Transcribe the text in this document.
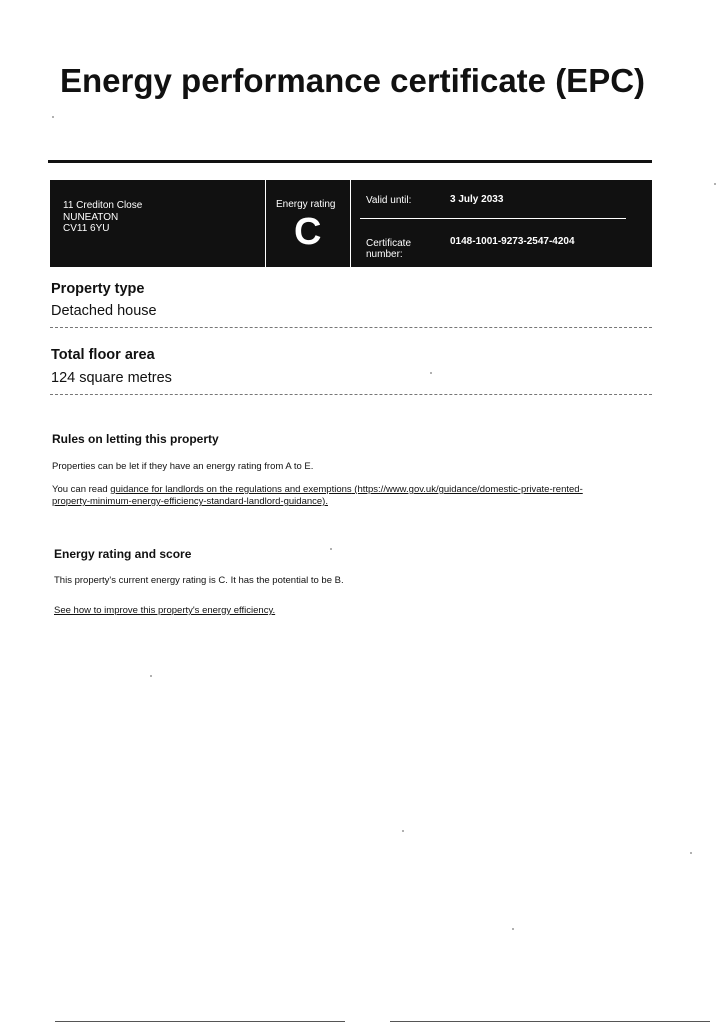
Energy performance certificate (EPC)
11 Crediton Close
NUNEATON
CV11 6YU
Energy rating
C
Valid until:	3 July 2033
Certificate number:
0148-1001-9273-2547-4204
Property type
Detached house
Total floor area
124 square metres
Rules on letting this property
Properties can be let if they have an energy rating from A to E.
You can read guidance for landlords on the regulations and exemptions (https://www.gov.uk/guidance/domestic-private-rented-
property-minimum-energy-efficiency-standard-landlord-guidance).
Energy rating and score
This property's current energy rating is C. It has the potential to be B.
See how to improve this property's energy efficiency.
